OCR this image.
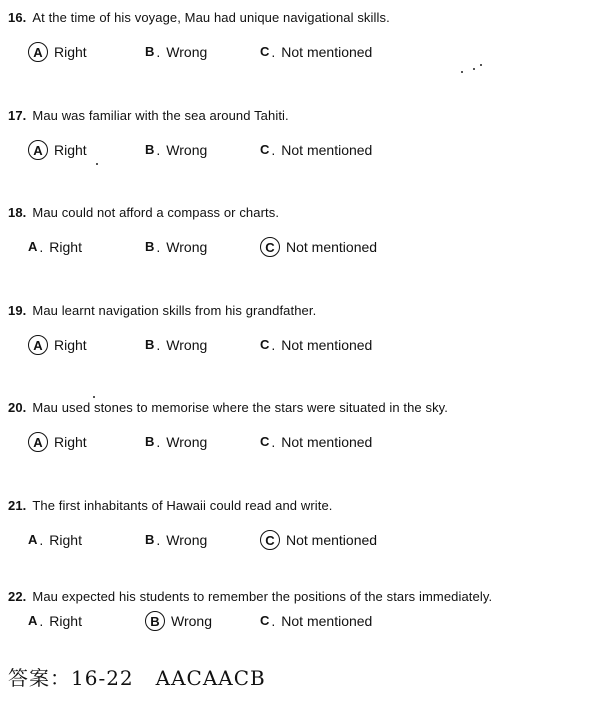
16. At the time of his voyage, Mau had unique navigational skills.
A Right	B . Wrong	C . Not mentioned
17. Mau was familiar with the sea around Tahiti.
A Right	B . Wrong	C . Not mentioned
18. Mau could not afford a compass or charts.
A . Right	B . Wrong	C Not mentioned
19. Mau learnt navigation skills from his grandfather.
A Right	B . Wrong	C . Not mentioned
20. Mau used stones to memorise where the stars were situated in the sky.
A Right	B . Wrong	C . Not mentioned
21. The first inhabitants of Hawaii could read and write.
A . Right	B . Wrong	C Not mentioned
22. Mau expected his students to remember the positions of the stars immediately.
A . Right	B Wrong	C . Not mentioned
答案：16-22 AACAACB
